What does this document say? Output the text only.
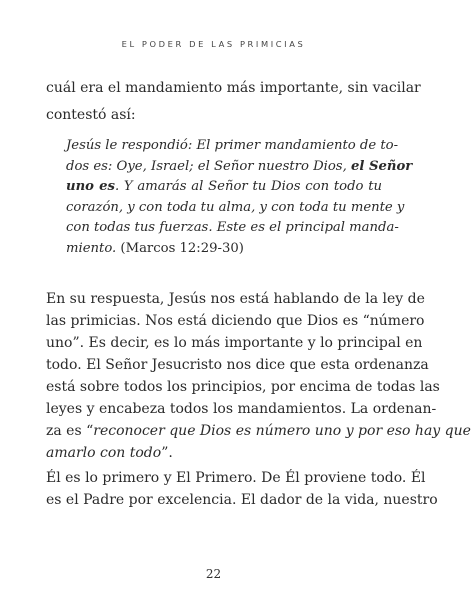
EL PODER DE LAS PRIMICIAS
cuál era el mandamiento más importante, sin vacilar
contestó así:
Jesús le respondió: El primer mandamiento de to-
dos es: Oye, Israel; el Señor nuestro Dios, el Señor
uno es. Y amarás al Señor tu Dios con todo tu
corazón, y con toda tu alma, y con toda tu mente y
con todas tus fuerzas. Este es el principal manda-
miento. (Marcos 12:29-30)
En su respuesta, Jesús nos está hablando de la ley de
las primicias. Nos está diciendo que Dios es “número
uno”. Es decir, es lo más importante y lo principal en
todo. El Señor Jesucristo nos dice que esta ordenanza
está sobre todos los principios, por encima de todas las
leyes y encabeza todos los mandamientos. La ordenan-
za es “reconocer que Dios es número uno y por eso hay que
amarlo con todo”.
Él es lo primero y El Primero. De Él proviene todo. Él
es el Padre por excelencia. El dador de la vida, nuestro
22
